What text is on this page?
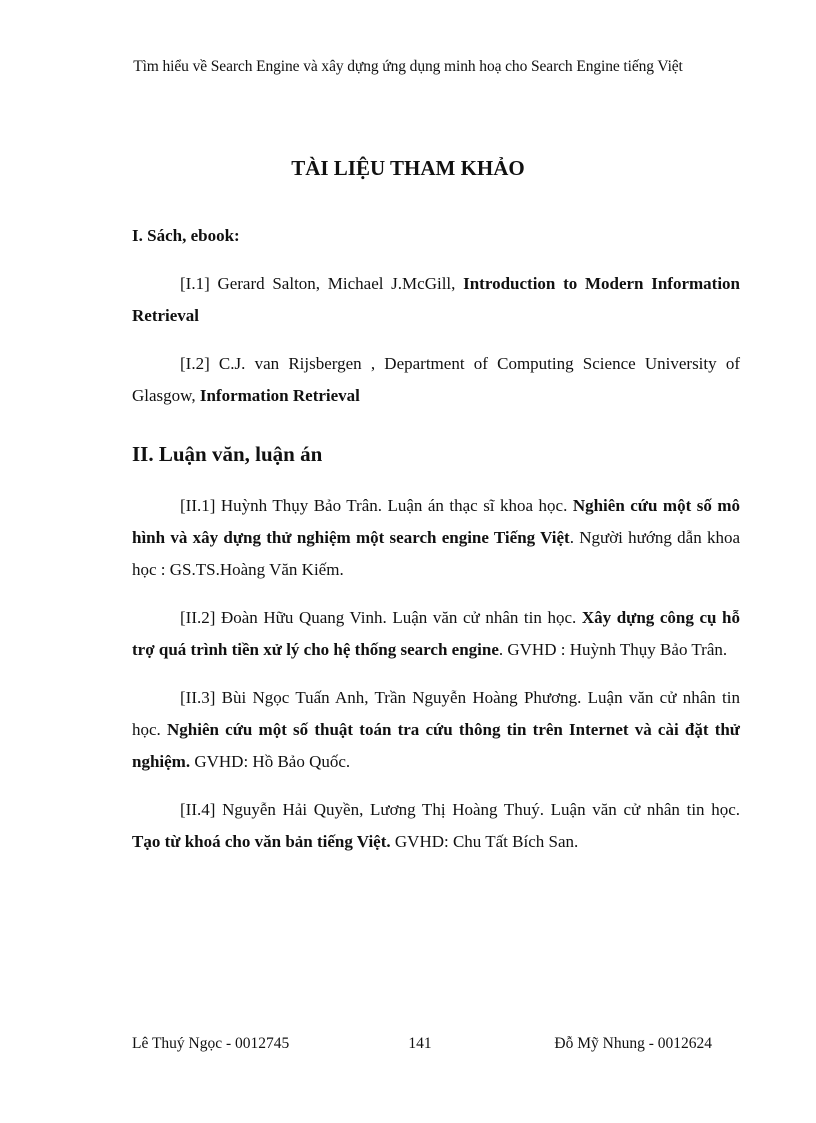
Tìm hiểu về Search Engine và xây dựng ứng dụng minh hoạ cho Search Engine tiếng Việt
TÀI LIỆU THAM KHẢO
I. Sách, ebook:

[I.1] Gerard Salton, Michael J.McGill, Introduction to Modern Information Retrieval

[I.2] C.J. van Rijsbergen , Department of Computing Science University of Glasgow, Information Retrieval

II. Luận văn, luận án

[II.1] Huỳnh Thụy Bảo Trân. Luận án thạc sĩ khoa học. Nghiên cứu một số mô hình và xây dựng thử nghiệm một search engine Tiếng Việt. Người hướng dẫn khoa học : GS.TS.Hoàng Văn Kiếm.

[II.2] Đoàn Hữu Quang Vinh. Luận văn cử nhân tin học. Xây dựng công cụ hỗ trợ quá trình tiền xử lý cho hệ thống search engine. GVHD : Huỳnh Thụy Bảo Trân.

[II.3] Bùi Ngọc Tuấn Anh, Trần Nguyễn Hoàng Phương. Luận văn cử nhân tin học. Nghiên cứu một số thuật toán tra cứu thông tin trên Internet và cài đặt thử nghiệm. GVHD: Hồ Bảo Quốc.

[II.4] Nguyễn Hải Quyền, Lương Thị Hoàng Thuý. Luận văn cử nhân tin học. Tạo từ khoá cho văn bản tiếng Việt. GVHD: Chu Tất Bích San.

Lê Thuý Ngọc - 0012745	141	Đỗ Mỹ Nhung - 0012624
